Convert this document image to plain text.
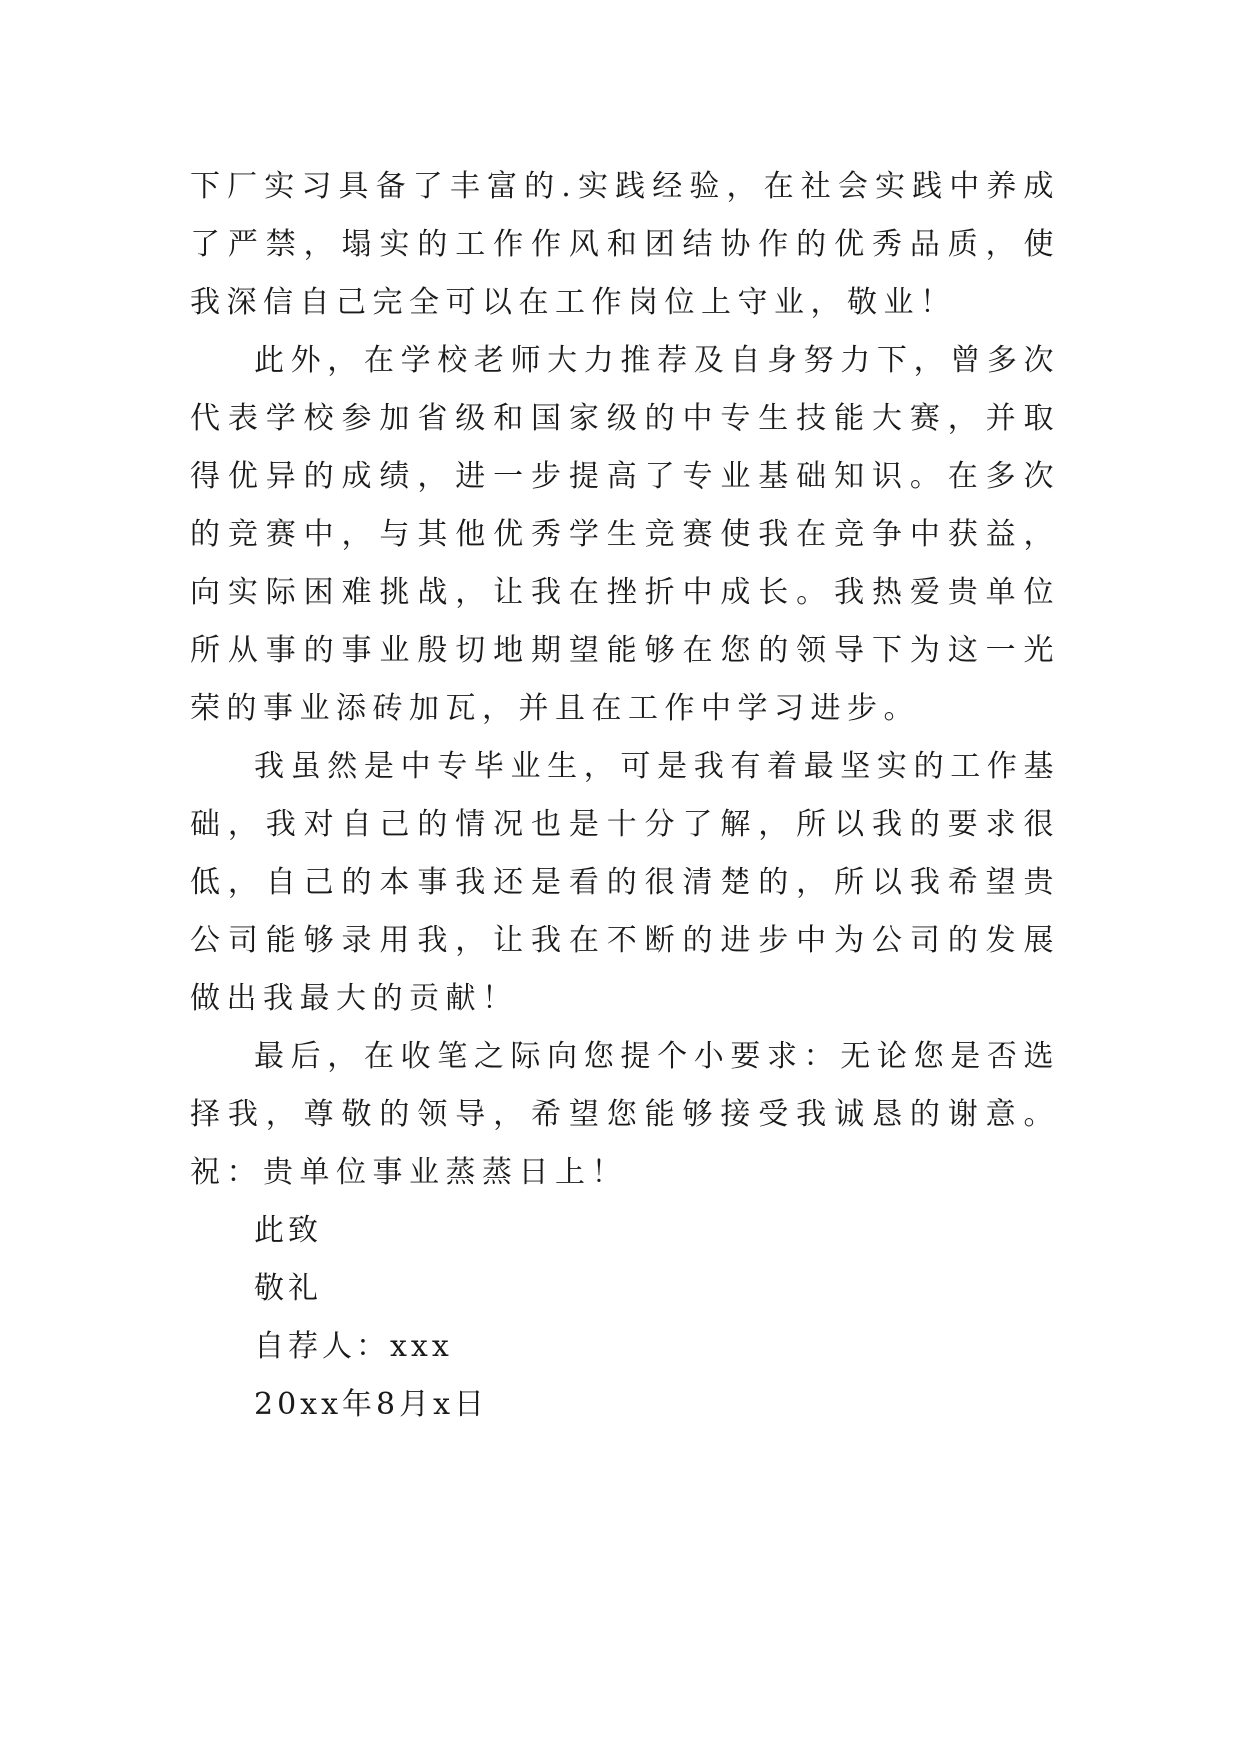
下厂实习具备了丰富的.实践经验，在社会实践中养成了严禁，塌实的工作作风和团结协作的优秀品质，使我深信自己完全可以在工作岗位上守业，敬业！

此外，在学校老师大力推荐及自身努力下，曾多次代表学校参加省级和国家级的中专生技能大赛，并取得优异的成绩，进一步提高了专业基础知识。在多次的竞赛中，与其他优秀学生竞赛使我在竞争中获益，向实际困难挑战，让我在挫折中成长。我热爱贵单位所从事的事业殷切地期望能够在您的领导下为这一光荣的事业添砖加瓦，并且在工作中学习进步。

我虽然是中专毕业生，可是我有着最坚实的工作基础，我对自己的情况也是十分了解，所以我的要求很低，自己的本事我还是看的很清楚的，所以我希望贵公司能够录用我，让我在不断的进步中为公司的发展做出我最大的贡献！

最后，在收笔之际向您提个小要求：无论您是否选择我，尊敬的领导，希望您能够接受我诚恳的谢意。祝：贵单位事业蒸蒸日上！

此致

敬礼

自荐人：xxx

20xx年8月x日
